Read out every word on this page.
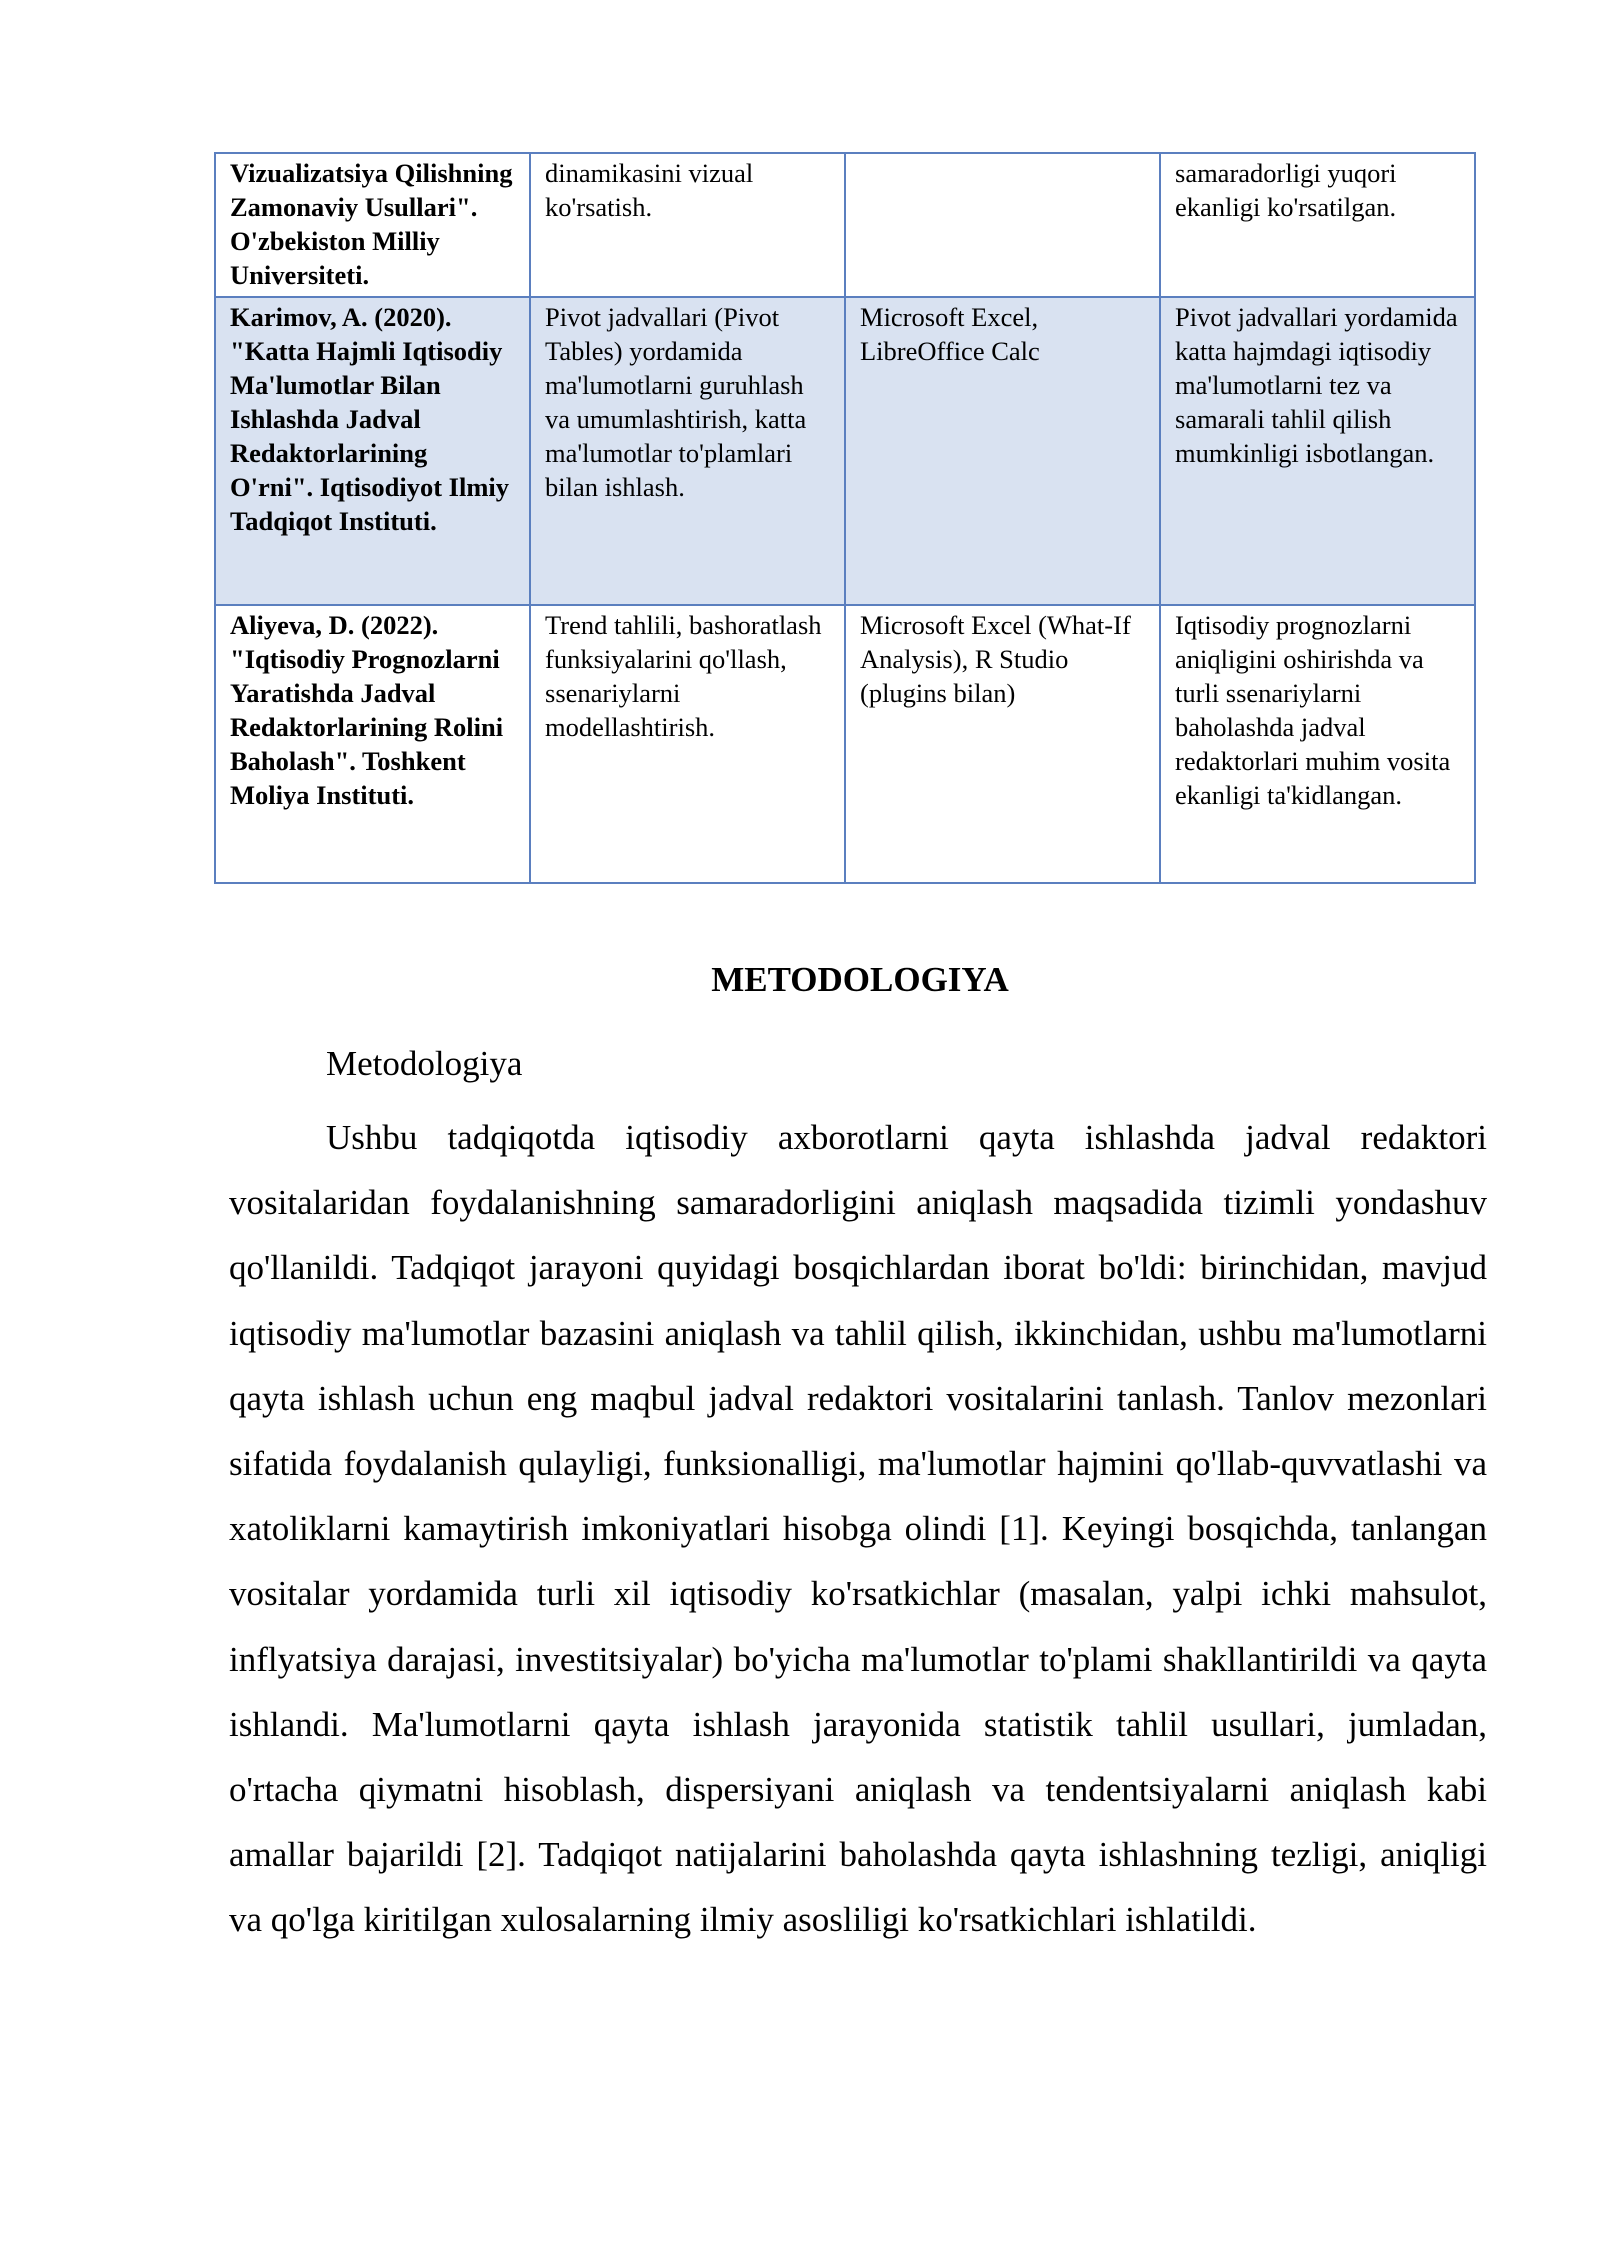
Vizualizatsiya Qilishning Zamonaviy Usullari". O'zbekiston Milliy Universiteti.	dinamikasini vizual ko'rsatish.		samaradorligi yuqori ekanligi ko'rsatilgan.
Karimov, A. (2020). "Katta Hajmli Iqtisodiy Ma'lumotlar Bilan Ishlashda Jadval Redaktorlarining O'rni". Iqtisodiyot Ilmiy Tadqiqot Instituti.	Pivot jadvallari (Pivot Tables) yordamida ma'lumotlarni guruhlash va umumlashtirish, katta ma'lumotlar to'plamlari bilan ishlash.	Microsoft Excel, LibreOffice Calc	Pivot jadvallari yordamida katta hajmdagi iqtisodiy ma'lumotlarni tez va samarali tahlil qilish mumkinligi isbotlangan.
Aliyeva, D. (2022). "Iqtisodiy Prognozlarni Yaratishda Jadval Redaktorlarining Rolini Baholash". Toshkent Moliya Instituti.	Trend tahlili, bashoratlash funksiyalarini qo'llash, ssenariylarni modellashtirish.	Microsoft Excel (What-If Analysis), R Studio (plugins bilan)	Iqtisodiy prognozlarni aniqligini oshirishda va turli ssenariylarni baholashda jadval redaktorlari muhim vosita ekanligi ta'kidlangan.
METODOLOGIYA
Metodologiya

Ushbu tadqiqotda iqtisodiy axborotlarni qayta ishlashda jadval redaktori vositalaridan foydalanishning samaradorligini aniqlash maqsadida tizimli yondashuv qo'llanildi. Tadqiqot jarayoni quyidagi bosqichlardan iborat bo'ldi: birinchidan, mavjud iqtisodiy ma'lumotlar bazasini aniqlash va tahlil qilish, ikkinchidan, ushbu ma'lumotlarni qayta ishlash uchun eng maqbul jadval redaktori vositalarini tanlash. Tanlov mezonlari sifatida foydalanish qulayligi, funksionalligi, ma'lumotlar hajmini qo'llab-quvvatlashi va xatoliklarni kamaytirish imkoniyatlari hisobga olindi [1]. Keyingi bosqichda, tanlangan vositalar yordamida turli xil iqtisodiy ko'rsatkichlar (masalan, yalpi ichki mahsulot, inflyatsiya darajasi, investitsiyalar) bo'yicha ma'lumotlar to'plami shakllantirildi va qayta ishlandi. Ma'lumotlarni qayta ishlash jarayonida statistik tahlil usullari, jumladan, o'rtacha qiymatni hisoblash, dispersiyani aniqlash va tendentsiyalarni aniqlash kabi amallar bajarildi [2]. Tadqiqot natijalarini baholashda qayta ishlashning tezligi, aniqligi va qo'lga kiritilgan xulosalarning ilmiy asosliligi ko'rsatkichlari ishlatildi.
